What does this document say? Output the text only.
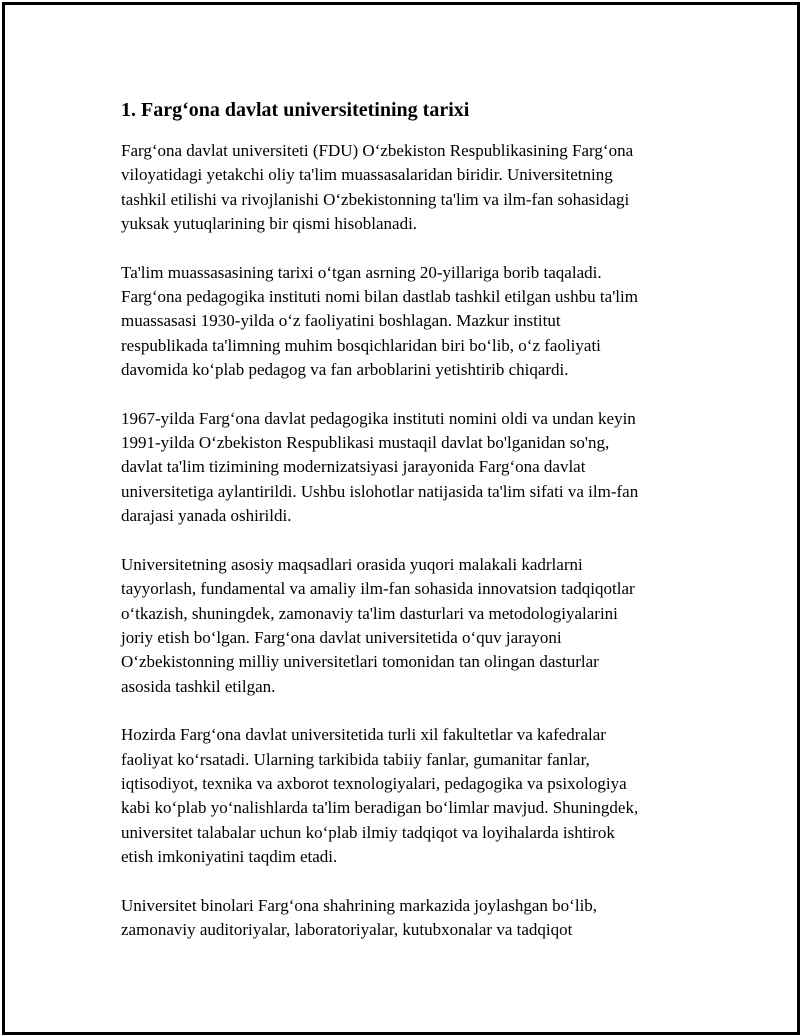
1. Farg‘ona davlat universitetining tarixi

Farg‘ona davlat universiteti (FDU) O‘zbekiston Respublikasining Farg‘ona
viloyatidagi yetakchi oliy ta'lim muassasalaridan biridir. Universitetning
tashkil etilishi va rivojlanishi O‘zbekistonning ta'lim va ilm-fan sohasidagi
yuksak yutuqlarining bir qismi hisoblanadi.

Ta'lim muassasasining tarixi o‘tgan asrning 20-yillariga borib taqaladi.
Farg‘ona pedagogika instituti nomi bilan dastlab tashkil etilgan ushbu ta'lim
muassasasi 1930-yilda o‘z faoliyatini boshlagan. Mazkur institut
respublikada ta'limning muhim bosqichlaridan biri bo‘lib, o‘z faoliyati
davomida ko‘plab pedagog va fan arboblarini yetishtirib chiqardi.

1967-yilda Farg‘ona davlat pedagogika instituti nomini oldi va undan keyin
1991-yilda O‘zbekiston Respublikasi mustaqil davlat bo'lganidan so'ng,
davlat ta'lim tizimining modernizatsiyasi jarayonida Farg‘ona davlat
universitetiga aylantirildi. Ushbu islohotlar natijasida ta'lim sifati va ilm-fan
darajasi yanada oshirildi.

Universitetning asosiy maqsadlari orasida yuqori malakali kadrlarni
tayyorlash, fundamental va amaliy ilm-fan sohasida innovatsion tadqiqotlar
o‘tkazish, shuningdek, zamonaviy ta'lim dasturlari va metodologiyalarini
joriy etish bo‘lgan. Farg‘ona davlat universitetida o‘quv jarayoni
O‘zbekistonning milliy universitetlari tomonidan tan olingan dasturlar
asosida tashkil etilgan.

Hozirda Farg‘ona davlat universitetida turli xil fakultetlar va kafedralar
faoliyat ko‘rsatadi. Ularning tarkibida tabiiy fanlar, gumanitar fanlar,
iqtisodiyot, texnika va axborot texnologiyalari, pedagogika va psixologiya
kabi ko‘plab yo‘nalishlarda ta'lim beradigan bo‘limlar mavjud. Shuningdek,
universitet talabalar uchun ko‘plab ilmiy tadqiqot va loyihalarda ishtirok
etish imkoniyatini taqdim etadi.

Universitet binolari Farg‘ona shahrining markazida joylashgan bo‘lib,
zamonaviy auditoriyalar, laboratoriyalar, kutubxonalar va tadqiqot
